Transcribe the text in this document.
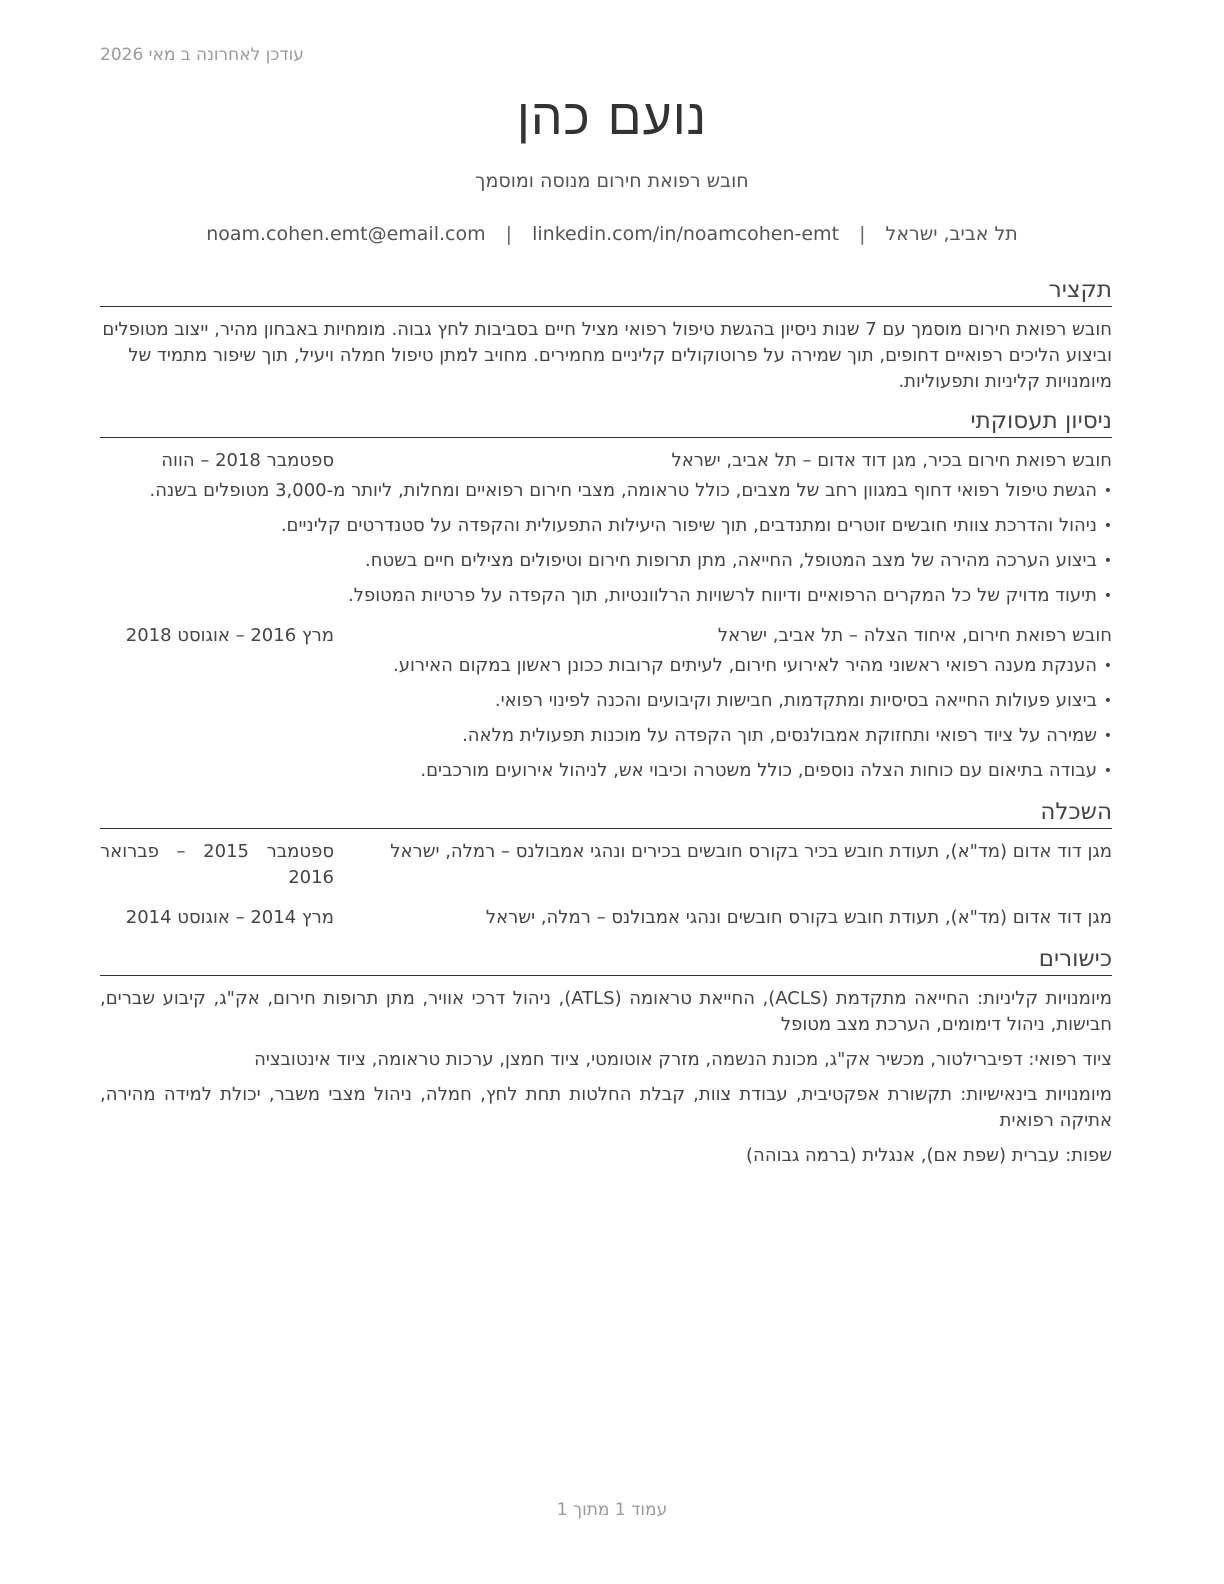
עודכן לאחרונה ב מאי 2026
נועם כהן
חובש רפואת חירום מנוסה ומוסמך
תל אביב, ישראל | noam.cohen.emt@email.com | linkedin.com/in/noamcohen-emt
תקציר
חובש רפואת חירום מוסמך עם 7 שנות ניסיון בהגשת טיפול רפואי מציל חיים בסביבות לחץ גבוה. מומחיות באבחון מהיר, ייצוב מטופלים וביצוע הליכים רפואיים דחופים, תוך שמירה על פרוטוקולים קליניים מחמירים. מחויב למתן טיפול חמלה ויעיל, תוך שיפור מתמיד של מיומנויות קליניות ותפעוליות.
ניסיון תעסוקתי
חובש רפואת חירום בכיר, מגן דוד אדום – תל אביב, ישראל
ספטמבר 2018 – הווה
• הגשת טיפול רפואי דחוף במגוון רחב של מצבים, כולל טראומה, מצבי חירום רפואיים ומחלות, ליותר מ-3,000 מטופלים בשנה.
• ניהול והדרכת צוותי חובשים זוטרים ומתנדבים, תוך שיפור היעילות התפעולית והקפדה על סטנדרטים קליניים.
• ביצוע הערכה מהירה של מצב המטופל, החייאה, מתן תרופות חירום וטיפולים מצילים חיים בשטח.
• תיעוד מדויק של כל המקרים הרפואיים ודיווח לרשויות הרלוונטיות, תוך הקפדה על פרטיות המטופל.
חובש רפואת חירום, איחוד הצלה – תל אביב, ישראל
מרץ 2016 – אוגוסט 2018
• הענקת מענה רפואי ראשוני מהיר לאירועי חירום, לעיתים קרובות ככונן ראשון במקום האירוע.
• ביצוע פעולות החייאה בסיסיות ומתקדמות, חבישות וקיבועים והכנה לפינוי רפואי.
• שמירה על ציוד רפואי ותחזוקת אמבולנסים, תוך הקפדה על מוכנות תפעולית מלאה.
• עבודה בתיאום עם כוחות הצלה נוספים, כולל משטרה וכיבוי אש, לניהול אירועים מורכבים.
השכלה
מגן דוד אדום (מד"א), תעודת חובש בכיר בקורס חובשים בכירים ונהגי אמבולנס – רמלה, ישראל
ספטמבר 2015 – פברואר 2016
מגן דוד אדום (מד"א), תעודת חובש בקורס חובשים ונהגי אמבולנס – רמלה, ישראל
מרץ 2014 – אוגוסט 2014
כישורים
מיומנויות קליניות: החייאה מתקדמת (ACLS), החייאת טראומה (ATLS), ניהול דרכי אוויר, מתן תרופות חירום, אק"ג, קיבוע שברים, חבישות, ניהול דימומים, הערכת מצב מטופל
ציוד רפואי: דפיברילטור, מכשיר אק"ג, מכונת הנשמה, מזרק אוטומטי, ציוד חמצן, ערכות טראומה, ציוד אינטובציה
מיומנויות בינאישיות: תקשורת אפקטיבית, עבודת צוות, קבלת החלטות תחת לחץ, חמלה, ניהול מצבי משבר, יכולת למידה מהירה, אתיקה רפואית
שפות: עברית (שפת אם), אנגלית (ברמה גבוהה)
עמוד 1 מתוך 1
